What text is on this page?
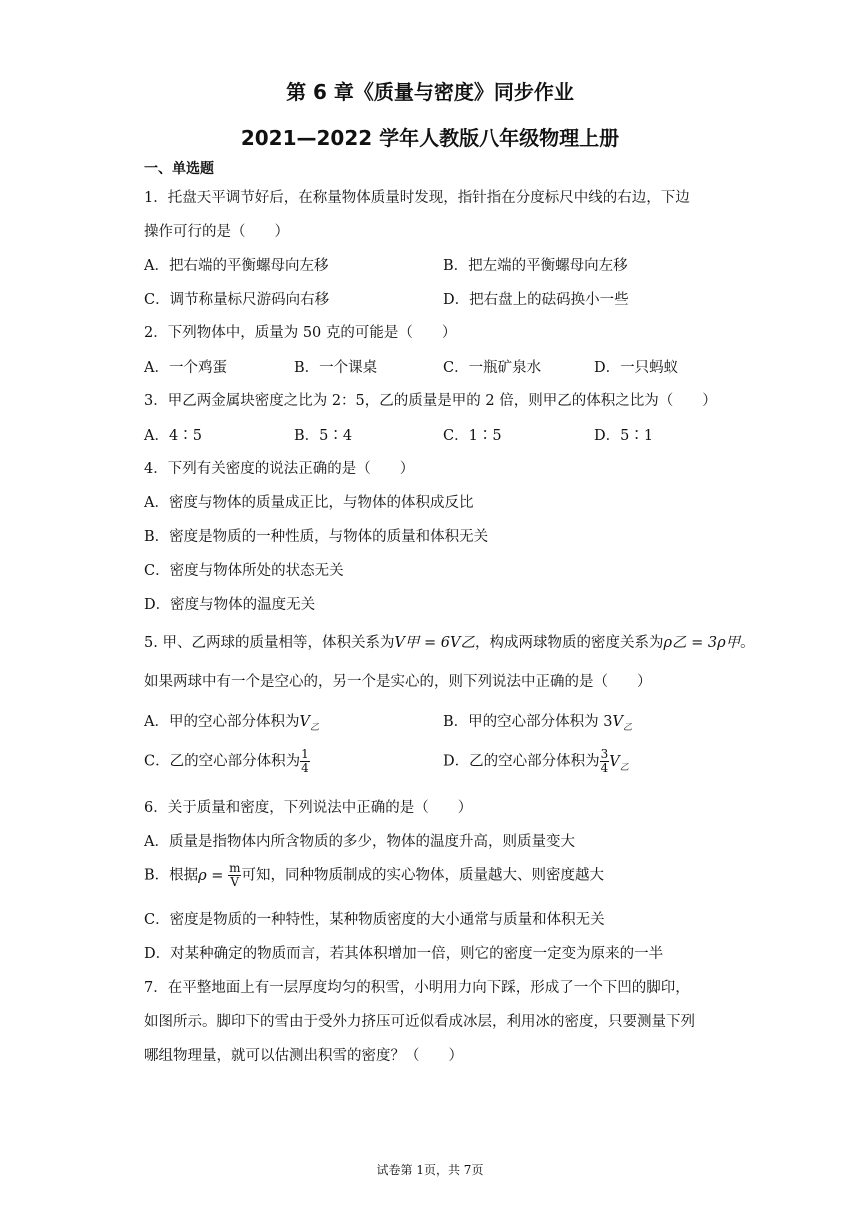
第 6 章《质量与密度》同步作业
2021—2022 学年人教版八年级物理上册
一、单选题
1．托盘天平调节好后，在称量物体质量时发现，指针指在分度标尺中线的右边，下边
操作可行的是（　　）
A．把右端的平衡螺母向左移	B．把左端的平衡螺母向左移
C．调节称量标尺游码向右移	D．把右盘上的砝码换小一些
2．下列物体中，质量为 50 克的可能是（　　）
A．一个鸡蛋	B．一个课桌	C．一瓶矿泉水	D．一只蚂蚁
3．甲乙两金属块密度之比为 2：5，乙的质量是甲的 2 倍，则甲乙的体积之比为（　　）
A．4∶5	B．5∶4	C．1∶5	D．5∶1
4．下列有关密度的说法正确的是（　　）
A．密度与物体的质量成正比，与物体的体积成反比
B．密度是物质的一种性质，与物体的质量和体积无关
C．密度与物体所处的状态无关
D．密度与物体的温度无关
5. 甲、乙两球的质量相等，体积关系为V甲 = 6V乙，构成两球物质的密度关系为ρ乙 = 3ρ甲。
如果两球中有一个是空心的，另一个是实心的，则下列说法中正确的是（　　）
A．甲的空心部分体积为$V_乙$	B．甲的空心部分体积为 $3V_乙$
C．乙的空心部分体积为 $\frac{1}{4}$	D．乙的空心部分体积为 $\frac{3}{4} V_乙$
6．关于质量和密度，下列说法中正确的是（　　）
A．质量是指物体内所含物质的多少，物体的温度升高，则质量变大
B．根据$\rho = \frac{m}{V}$ 可知，同种物质制成的实心物体，质量越大、则密度越大
C．密度是物质的一种特性，某种物质密度的大小通常与质量和体积无关
D．对某种确定的物质而言，若其体积增加一倍，则它的密度一定变为原来的一半
7．在平整地面上有一层厚度均匀的积雪，小明用力向下踩，形成了一个下凹的脚印，
如图所示。脚印下的雪由于受外力挤压可近似看成冰层，利用冰的密度，只要测量下列
哪组物理量，就可以估测出积雪的密度？（　　）
试卷第 1页，共 7页
